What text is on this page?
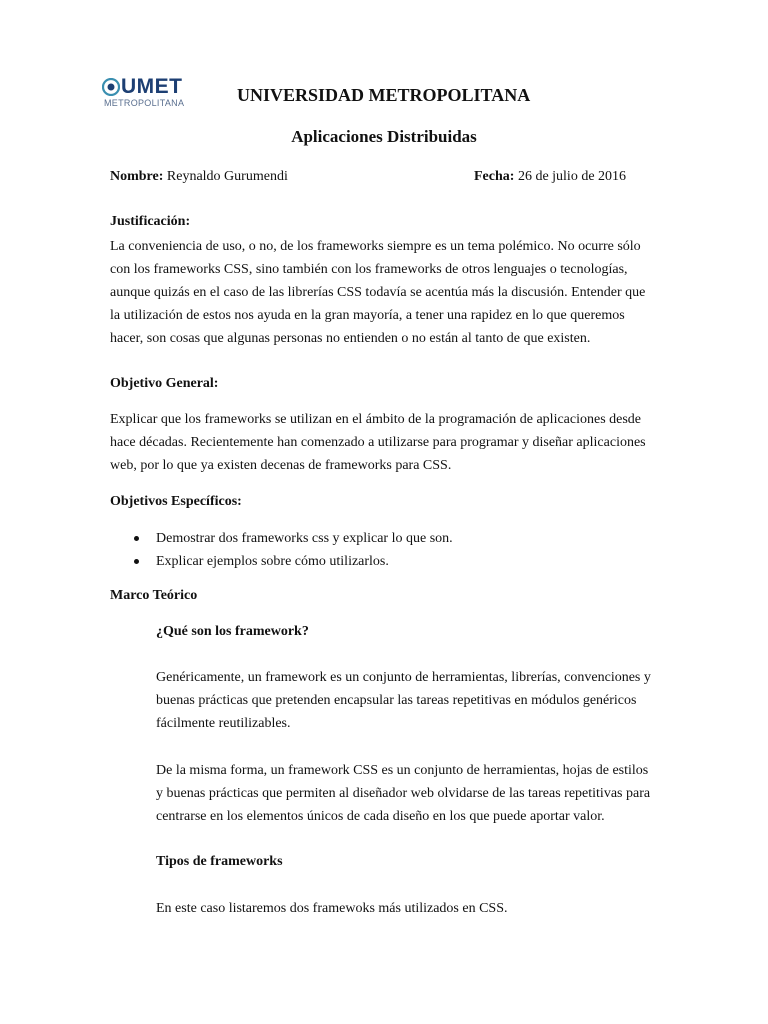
UMET
METROPOLITANA	UNIVERSIDAD METROPOLITANA
Aplicaciones Distribuidas
Nombre: Reynaldo Gurumendi	Fecha: 26 de julio de 2016
Justificación:

La conveniencia de uso, o no, de los frameworks siempre es un tema polémico. No ocurre sólo con los frameworks CSS, sino también con los frameworks de otros lenguajes o tecnologías, aunque quizás en el caso de las librerías CSS todavía se acentúa más la discusión. Entender que la utilización de estos nos ayuda en la gran mayoría, a tener una rapidez en lo que queremos hacer, son cosas que algunas personas no entienden o no están al tanto de que existen.

Objetivo General:

Explicar que los frameworks se utilizan en el ámbito de la programación de aplicaciones desde hace décadas. Recientemente han comenzado a utilizarse para programar y diseñar aplicaciones web, por lo que ya existen decenas de frameworks para CSS.

Objetivos Específicos:
Demostrar dos frameworks css y explicar lo que son.
Explicar ejemplos sobre cómo utilizarlos.
Marco Teórico
¿Qué son los framework?

Genéricamente, un framework es un conjunto de herramientas, librerías, convenciones y buenas prácticas que pretenden encapsular las tareas repetitivas en módulos genéricos fácilmente reutilizables.

De la misma forma, un framework CSS es un conjunto de herramientas, hojas de estilos y buenas prácticas que permiten al diseñador web olvidarse de las tareas repetitivas para centrarse en los elementos únicos de cada diseño en los que puede aportar valor.

Tipos de frameworks
En este caso listaremos dos framewoks más utilizados en CSS.
